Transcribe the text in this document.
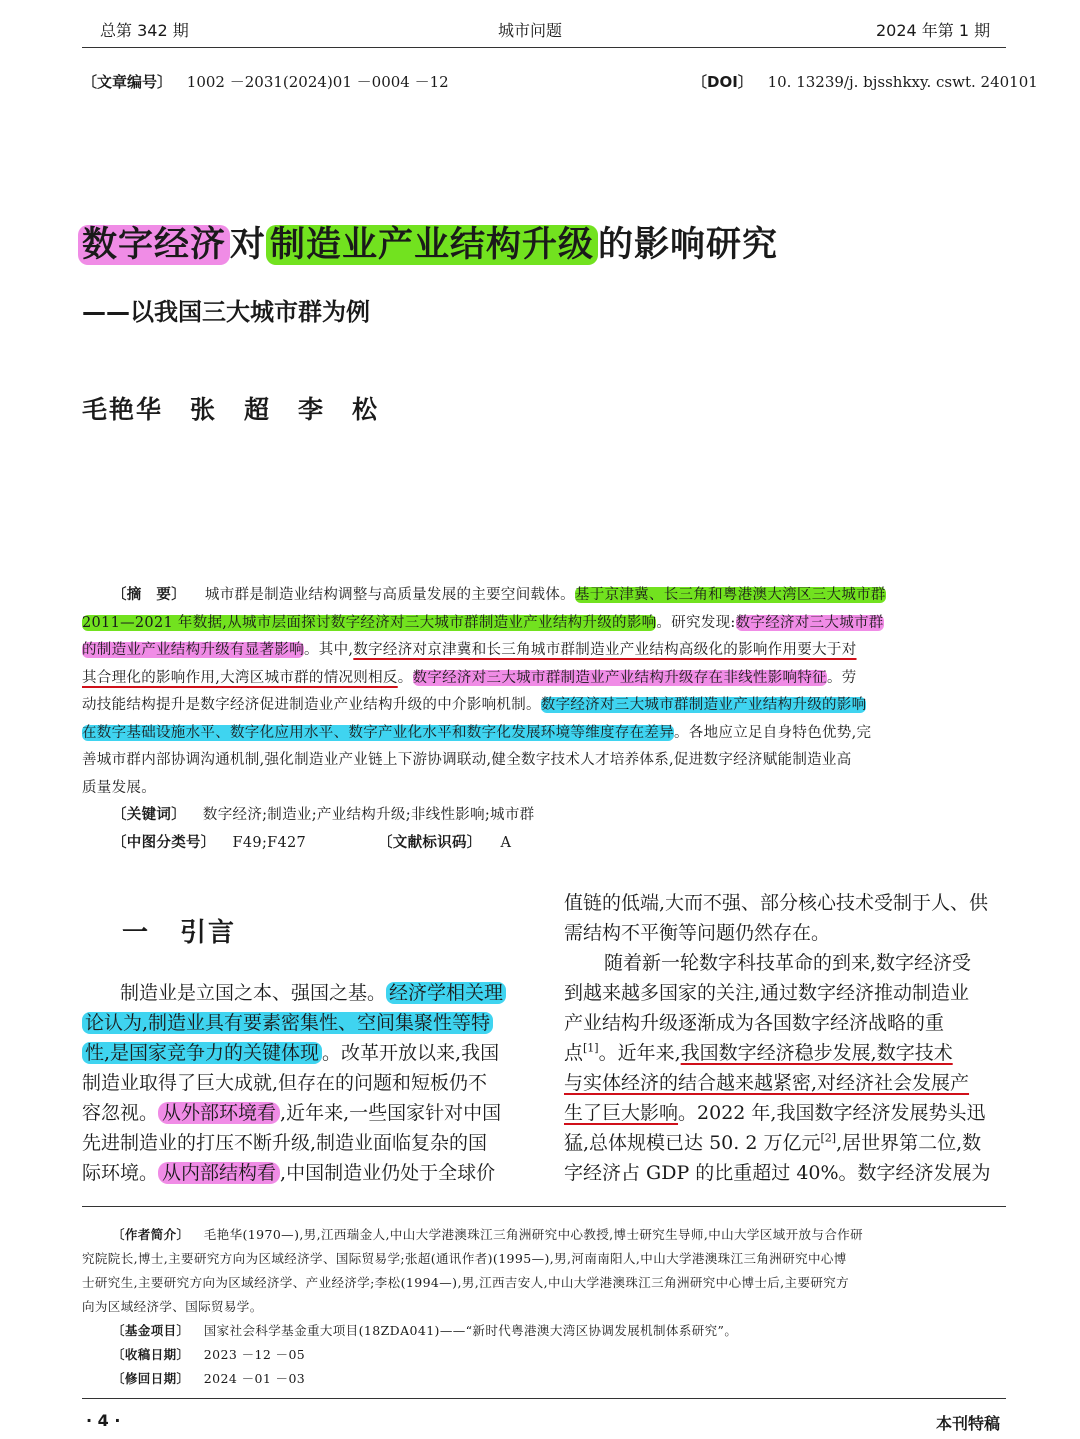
总第 342 期	城市问题	2024 年第 1 期
〔文章编号〕 1002 －2031(2024)01 －0004 －12	〔DOI〕 10. 13239/j. bjsshkxy. cswt. 240101
数字经济 对 制造业产业结构升级 的影响研究
——以我国三大城市群为例
毛艳华　张　超　李　松
〔摘　要〕 城市群是制造业结构调整与高质量发展的主要空间载体。基于京津冀、长三角和粤港澳大湾区三大城市群
2011—2021 年数据,从城市层面探讨数字经济对三大城市群制造业产业结构升级的影响。研究发现:数字经济对三大城市群
的制造业产业结构升级有显著影响。其中,数字经济对京津冀和长三角城市群制造业产业结构高级化的影响作用要大于对
其合理化的影响作用,大湾区城市群的情况则相反。数字经济对三大城市群制造业产业结构升级存在非线性影响特征。劳
动技能结构提升是数字经济促进制造业产业结构升级的中介影响机制。数字经济对三大城市群制造业产业结构升级的影响
在数字基础设施水平、数字化应用水平、数字产业化水平和数字化发展环境等维度存在差异。各地应立足自身特色优势,完
善城市群内部协调沟通机制,强化制造业产业链上下游协调联动,健全数字技术人才培养体系,促进数字经济赋能制造业高
质量发展。
〔关键词〕 数字经济;制造业;产业结构升级;非线性影响;城市群
〔中图分类号〕 F49;F427	〔文献标识码〕 A
一 引言
制造业是立国之本、强国之基。 经济学相关理
论认为,制造业具有要素密集性、空间集聚性等特
性,是国家竞争力的关键体现 。改革开放以来,我国
制造业取得了巨大成就,但存在的问题和短板仍不
容忽视。 从外部环境看 ,近年来,一些国家针对中国
先进制造业的打压不断升级,制造业面临复杂的国
际环境。 从内部结构看 ,中国制造业仍处于全球价
值链的低端,大而不强、部分核心技术受制于人、供
需结构不平衡等问题仍然存在。
随着新一轮数字科技革命的到来,数字经济受
到越来越多国家的关注,通过数字经济推动制造业
产业结构升级逐渐成为各国数字经济战略的重
点[1]。近年来,我国数字经济稳步发展,数字技术
与实体经济的结合越来越紧密,对经济社会发展产
生了巨大影响。2022 年,我国数字经济发展势头迅
猛,总体规模已达 50. 2 万亿元[2],居世界第二位,数
字经济占 GDP 的比重超过 40%。数字经济发展为
〔作者简介〕 毛艳华(1970—),男,江西瑞金人,中山大学港澳珠江三角洲研究中心教授,博士研究生导师,中山大学区域开放与合作研
究院院长,博士,主要研究方向为区域经济学、国际贸易学;张超(通讯作者)(1995—),男,河南南阳人,中山大学港澳珠江三角洲研究中心博
士研究生,主要研究方向为区域经济学、产业经济学;李松(1994—),男,江西吉安人,中山大学港澳珠江三角洲研究中心博士后,主要研究方
向为区域经济学、国际贸易学。
〔基金项目〕 国家社会科学基金重大项目(18ZDA041)——“新时代粤港澳大湾区协调发展机制体系研究”。
〔收稿日期〕 2023 －12 －05
〔修回日期〕 2024 －01 －03
· 4 ·	本刊特稿
